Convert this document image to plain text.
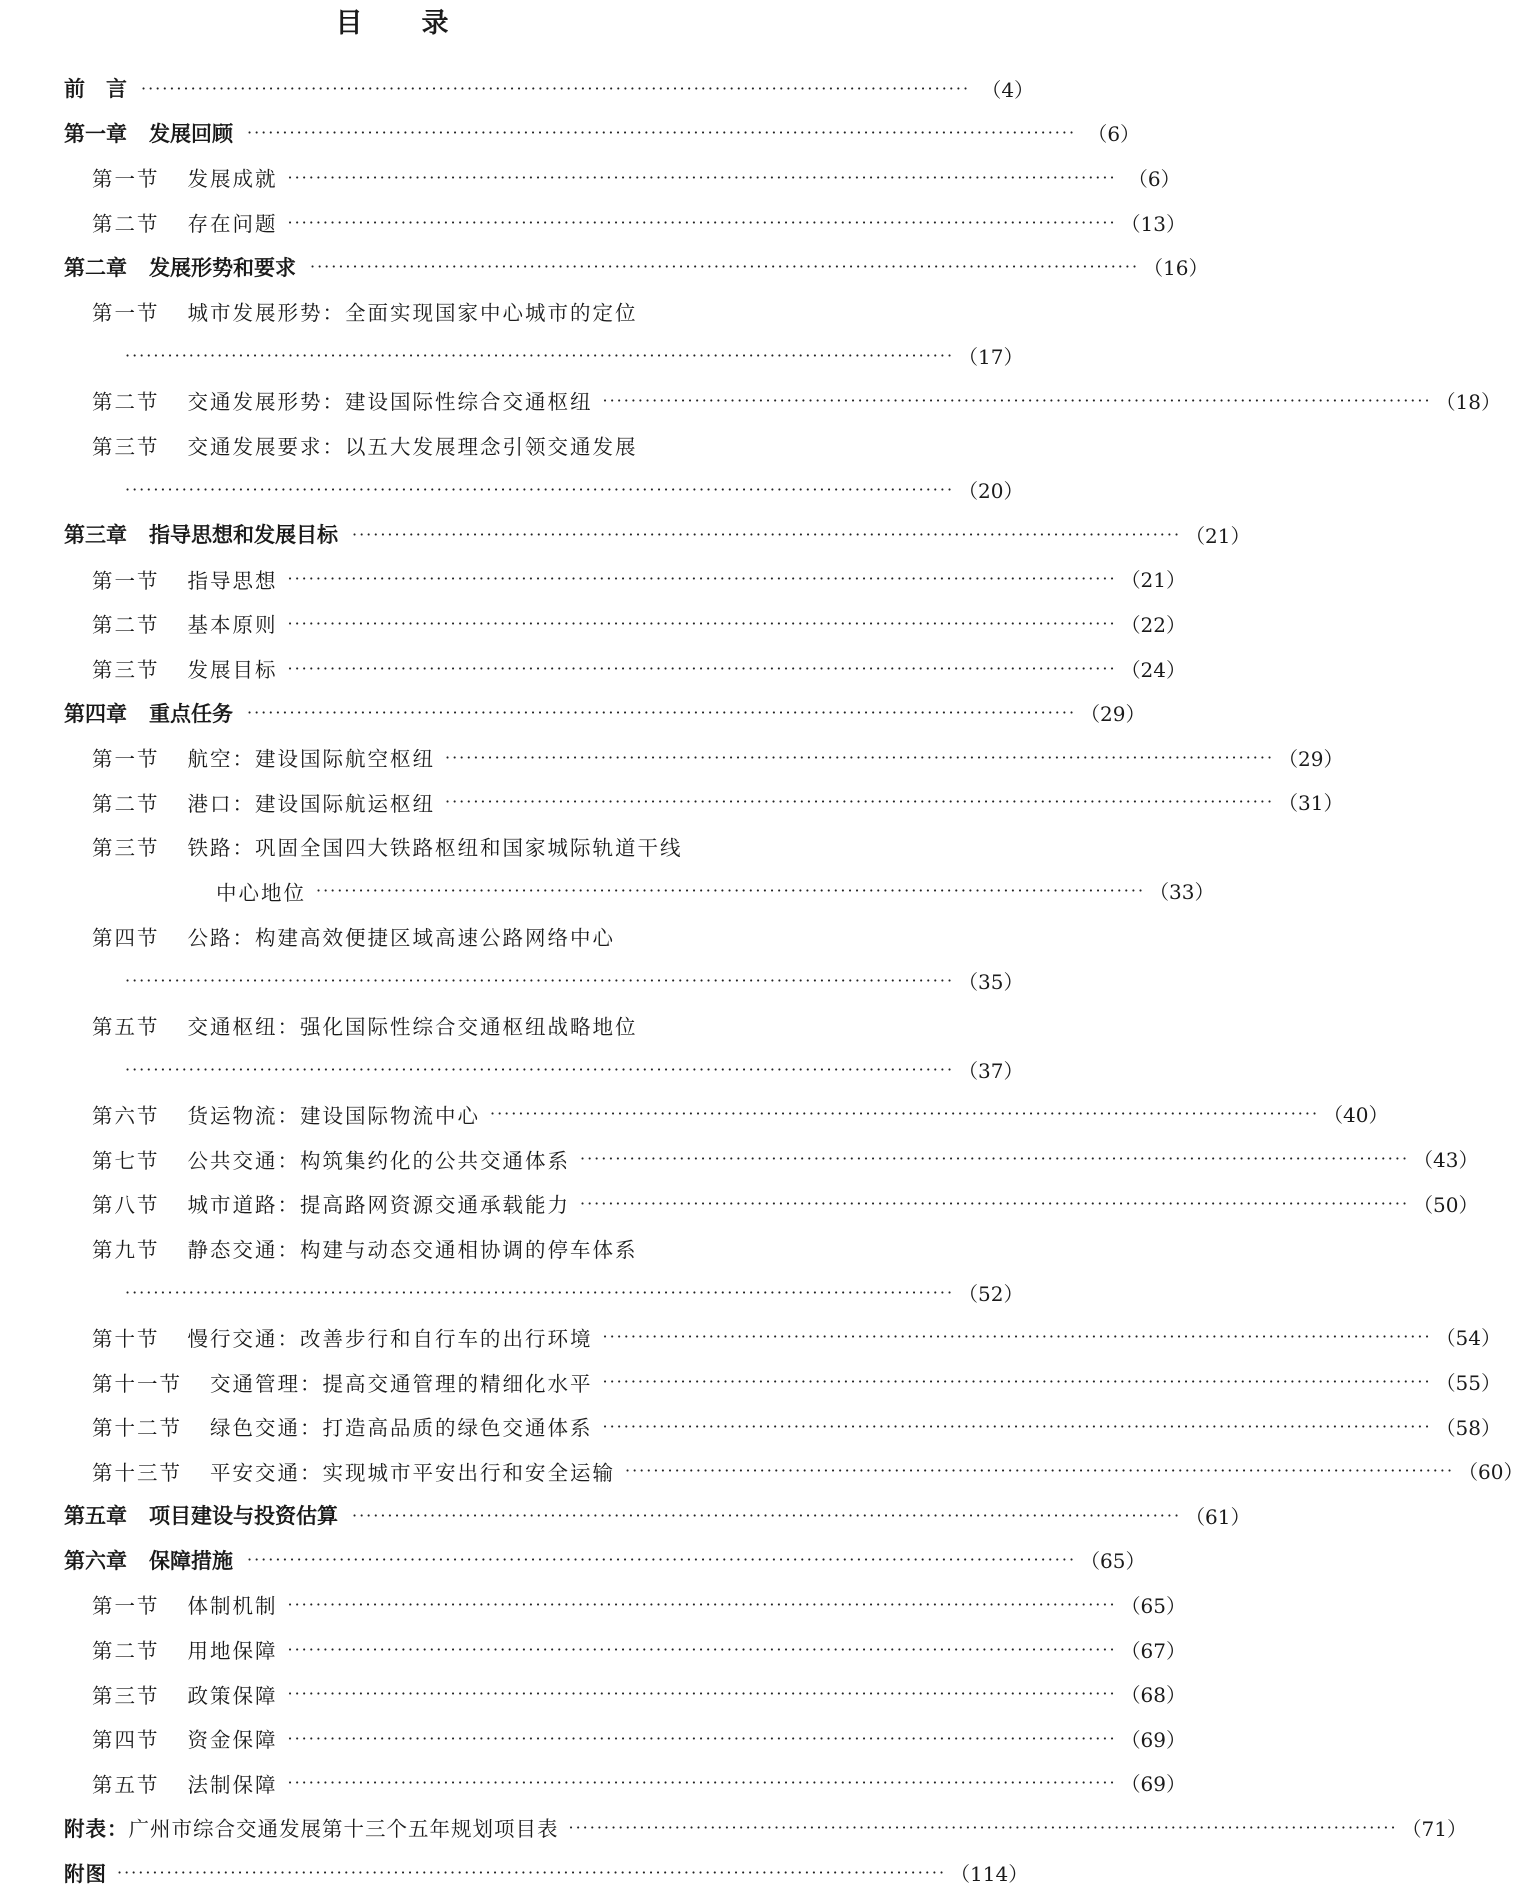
目　录
前　言 ····················································································································· （4）
第一章 发展回顾 ····················································································································· （6）
第一节 发展成就 ····················································································································· （6）
第二节 存在问题 ····················································································································· （13）
第二章 发展形势和要求 ····················································································································· （16）
第一节 城市发展形势：全面实现国家中心城市的定位
····················································································································· （17）
第二节 交通发展形势：建设国际性综合交通枢纽 ····················································································································· （18）
第三节 交通发展要求：以五大发展理念引领交通发展
····················································································································· （20）
第三章 指导思想和发展目标 ····················································································································· （21）
第一节 指导思想 ····················································································································· （21）
第二节 基本原则 ····················································································································· （22）
第三节 发展目标 ····················································································································· （24）
第四章 重点任务 ····················································································································· （29）
第一节 航空：建设国际航空枢纽 ····················································································································· （29）
第二节 港口：建设国际航运枢纽 ····················································································································· （31）
第三节 铁路：巩固全国四大铁路枢纽和国家城际轨道干线
中心地位 ····················································································································· （33）
第四节 公路：构建高效便捷区域高速公路网络中心
····················································································································· （35）
第五节 交通枢纽：强化国际性综合交通枢纽战略地位
····················································································································· （37）
第六节 货运物流：建设国际物流中心 ····················································································································· （40）
第七节 公共交通：构筑集约化的公共交通体系 ····················································································································· （43）
第八节 城市道路：提高路网资源交通承载能力 ····················································································································· （50）
第九节 静态交通：构建与动态交通相协调的停车体系
····················································································································· （52）
第十节 慢行交通：改善步行和自行车的出行环境 ····················································································································· （54）
第十一节 交通管理：提高交通管理的精细化水平 ····················································································································· （55）
第十二节 绿色交通：打造高品质的绿色交通体系 ····················································································································· （58）
第十三节 平安交通：实现城市平安出行和安全运输 ····················································································································· （60）
第五章 项目建设与投资估算 ····················································································································· （61）
第六章 保障措施 ····················································································································· （65）
第一节 体制机制 ····················································································································· （65）
第二节 用地保障 ····················································································································· （67）
第三节 政策保障 ····················································································································· （68）
第四节 资金保障 ····················································································································· （69）
第五节 法制保障 ····················································································································· （69）
附表： 广州市综合交通发展第十三个五年规划项目表 ····················································································································· （71）
附图 ····················································································································· （114）
